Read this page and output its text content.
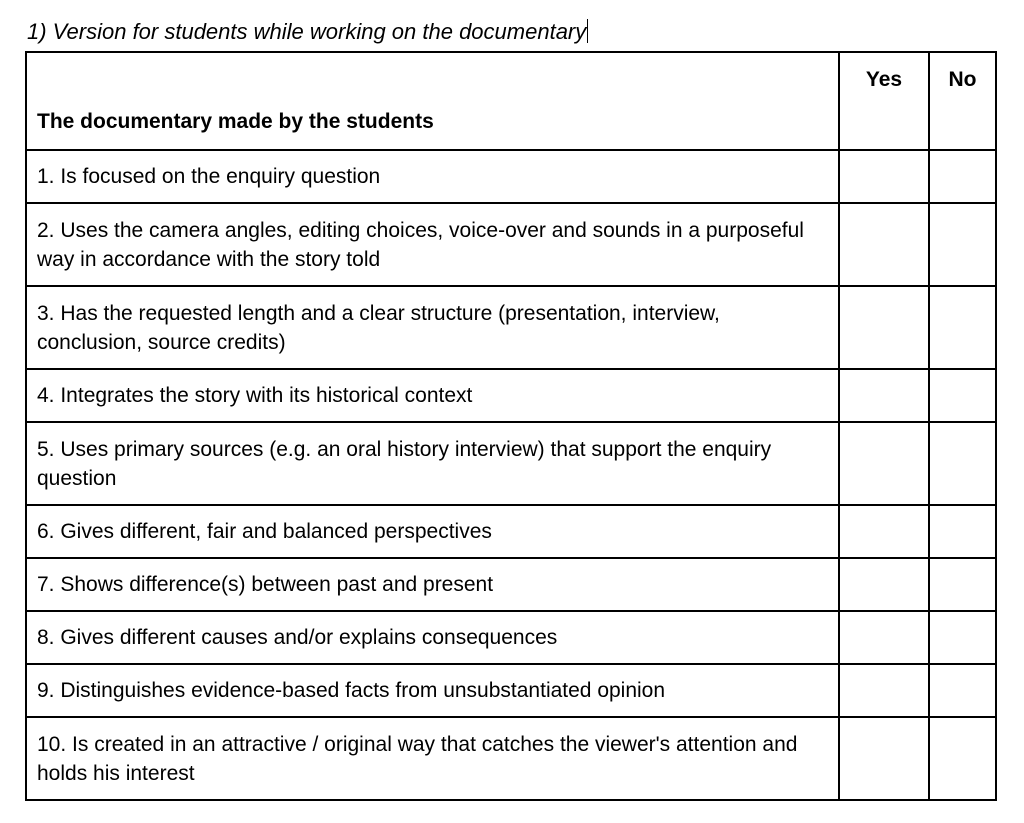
1) Version for students while working on the documentary
The documentary made by the students	Yes	No
1. Is focused on the enquiry question		
2. Uses the camera angles, editing choices, voice-over and sounds in a purposeful way in accordance with the story told		
3. Has the requested length and a clear structure (presentation, interview, conclusion, source credits)		
4. Integrates the story with its historical context		
5. Uses primary sources (e.g. an oral history interview) that support the enquiry question		
6. Gives different, fair and balanced perspectives		
7. Shows difference(s) between past and present		
8. Gives different causes and/or explains consequences		
9. Distinguishes evidence-based facts from unsubstantiated opinion		
10. Is created in an attractive / original way that catches the viewer's attention and holds his interest		
